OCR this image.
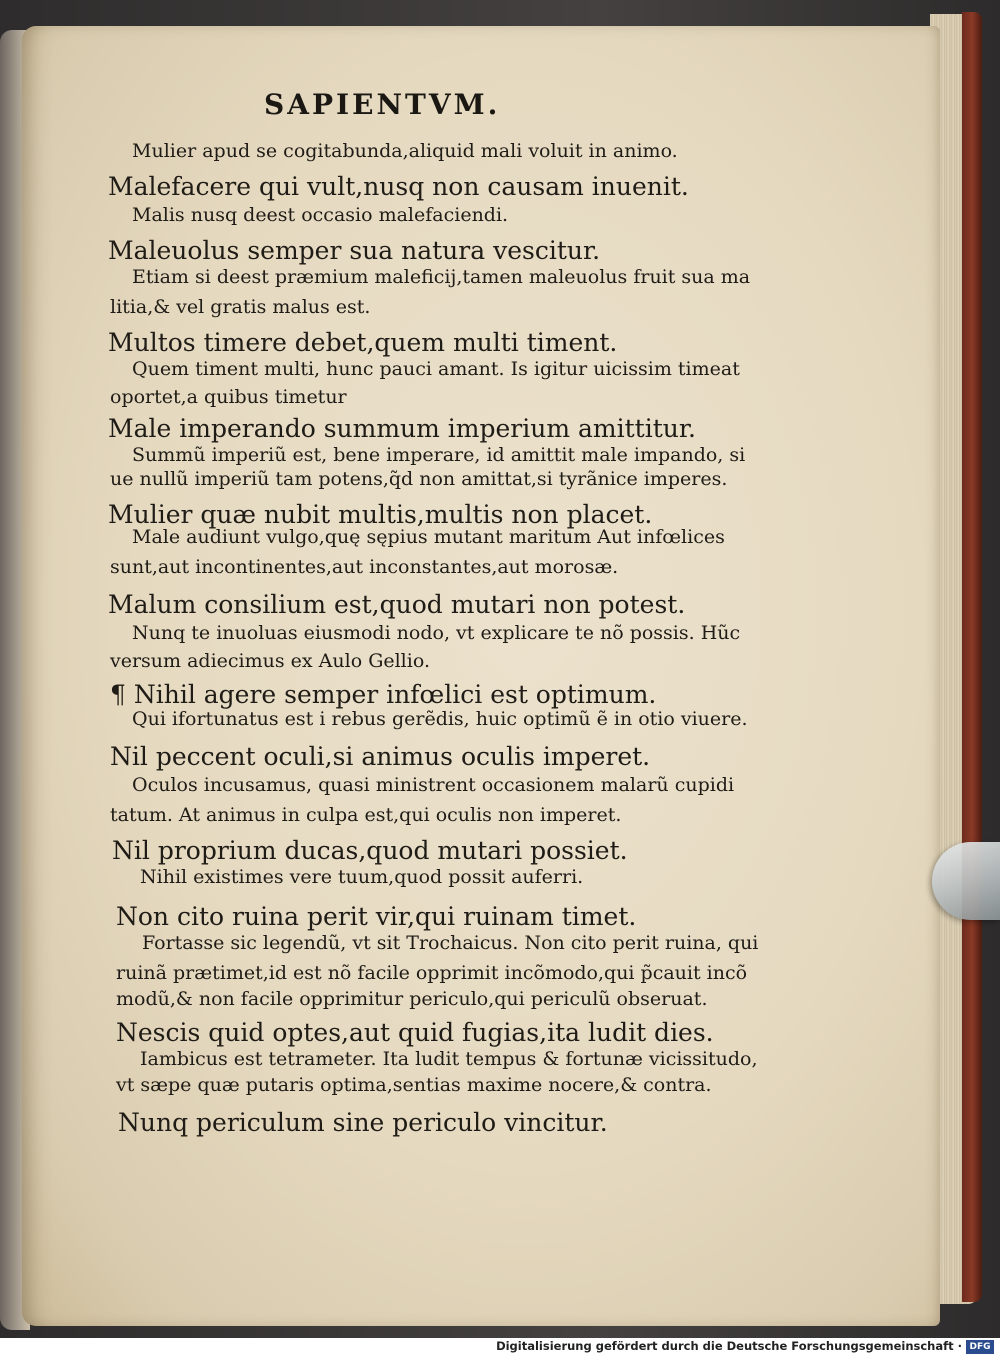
SAPIENTVM.
Mulier apud se cogitabunda,aliquid mali voluit in animo.
Malefacere qui vult,nusq non causam inuenit.
Malis nusq deest occasio malefaciendi.
Maleuolus semper sua natura vescitur.
Etiam si deest præmium maleficij,tamen maleuolus fruit sua ma
litia,& vel gratis malus est.
Multos timere debet,quem multi timent.
Quem timent multi, hunc pauci amant. Is igitur uicissim timeat
oportet,a quibus timetur
Male imperando summum imperium amittitur.
Summũ imperiũ est, bene imperare, id amittit male impando, si
ue nullũ imperiũ tam potens,q̃d non amittat,si tyrãnice imperes.
Mulier quæ nubit multis,multis non placet.
Male audiunt vulgo,quę sępius mutant maritum Aut infœlices
sunt,aut incontinentes,aut inconstantes,aut morosæ.
Malum consilium est,quod mutari non potest.
Nunq te inuoluas eiusmodi nodo, vt explicare te nõ possis. Hũc
versum adiecimus ex Aulo Gellio.
¶ Nihil agere semper infœlici est optimum.
Qui ifortunatus est i rebus gerẽdis, huic optimũ ẽ in otio viuere.
Nil peccent oculi,si animus oculis imperet.
Oculos incusamus, quasi ministrent occasionem malarũ cupidi
tatum. At animus in culpa est,qui oculis non imperet.
Nil proprium ducas,quod mutari possiet.
Nihil existimes vere tuum,quod possit auferri.
Non cito ruina perit vir,qui ruinam timet.
Fortasse sic legendũ, vt sit Trochaicus. Non cito perit ruina, qui
ruinã prætimet,id est nõ facile opprimit incõmodo,qui p̃cauit incõ
modũ,& non facile opprimitur periculo,qui periculũ obseruat.
Nescis quid optes,aut quid fugias,ita ludit dies.
Iambicus est tetrameter. Ita ludit tempus & fortunæ vicissitudo,
vt sæpe quæ putaris optima,sentias maxime nocere,& contra.
Nunq periculum sine periculo vincitur.
Digitalisierung gefördert durch die Deutsche Forschungsgemeinschaft · DFG
